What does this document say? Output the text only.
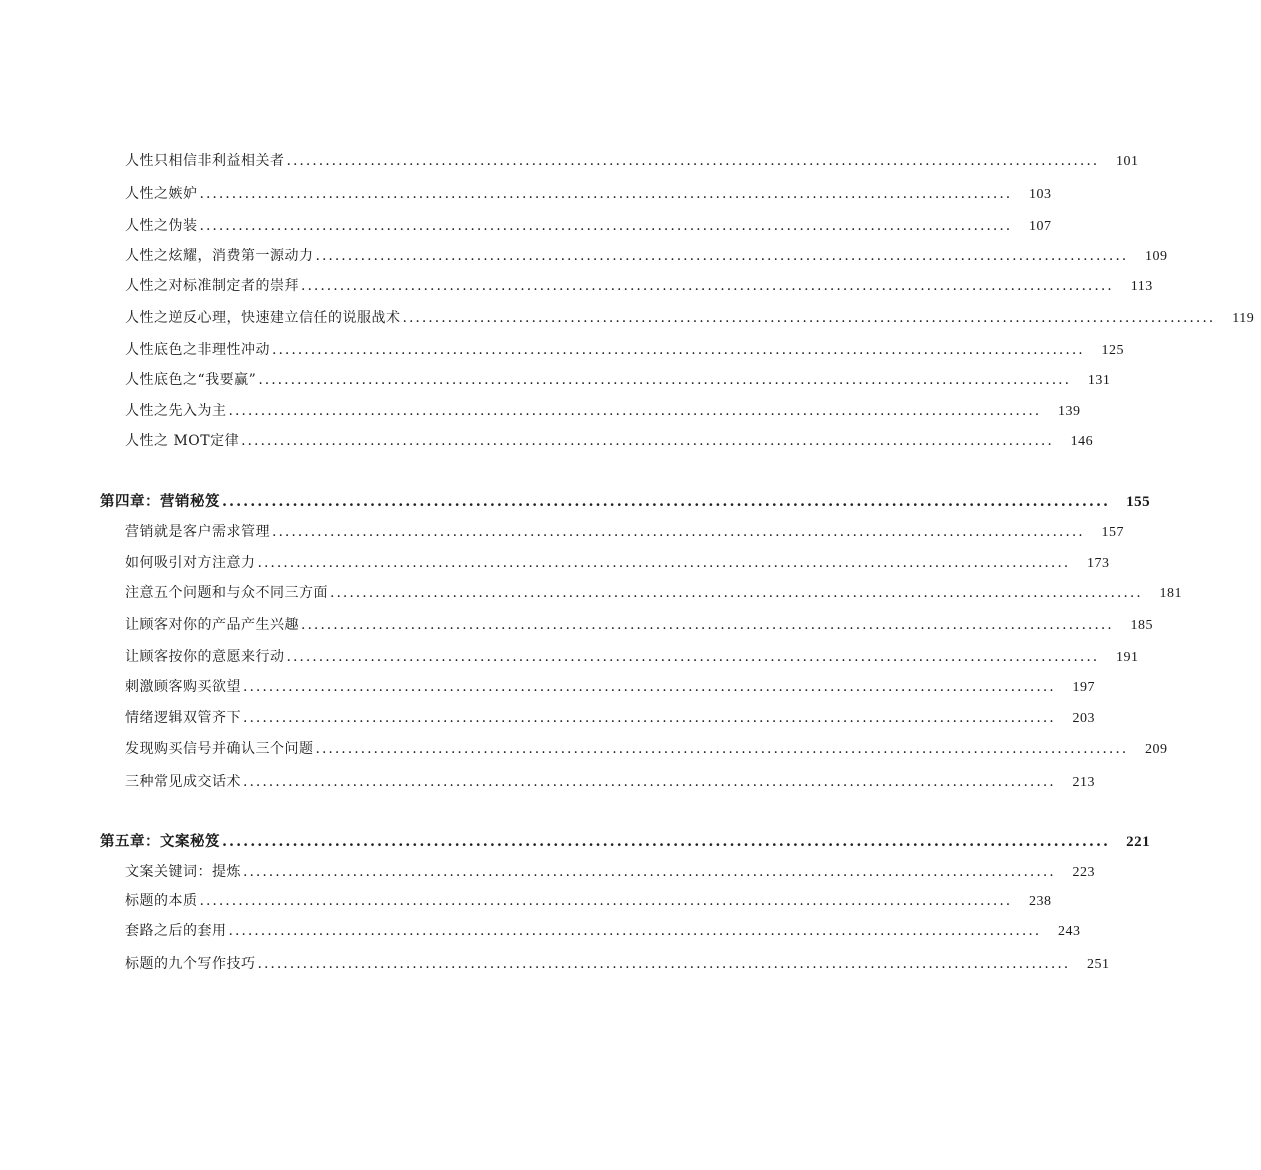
人性只相信非利益相关者 ..............................................................................................................................	101
人性之嫉妒 ..............................................................................................................................	103
人性之伪装 ..............................................................................................................................	107
人性之炫耀，消费第一源动力 ..............................................................................................................................	109
人性之对标准制定者的崇拜 ..............................................................................................................................	113
人性之逆反心理，快速建立信任的说服战术 ..............................................................................................................................	119
人性底色之非理性冲动 ..............................................................................................................................	125
人性底色之“我要赢” ..............................................................................................................................	131
人性之先入为主 ..............................................................................................................................	139
人性之 MOT定律 ..............................................................................................................................	146
第四章：营销秘笈 ..............................................................................................................................	155
营销就是客户需求管理 ..............................................................................................................................	157
如何吸引对方注意力 ..............................................................................................................................	173
注意五个问题和与众不同三方面 ..............................................................................................................................	181
让顾客对你的产品产生兴趣 ..............................................................................................................................	185
让顾客按你的意愿来行动 ..............................................................................................................................	191
刺激顾客购买欲望 ..............................................................................................................................	197
情绪逻辑双管齐下 ..............................................................................................................................	203
发现购买信号并确认三个问题 ..............................................................................................................................	209
三种常见成交话术 ..............................................................................................................................	213
第五章：文案秘笈 ..............................................................................................................................	221
文案关键词：提炼 ..............................................................................................................................	223
标题的本质 ..............................................................................................................................	238
套路之后的套用 ..............................................................................................................................	243
标题的九个写作技巧 ..............................................................................................................................	251
